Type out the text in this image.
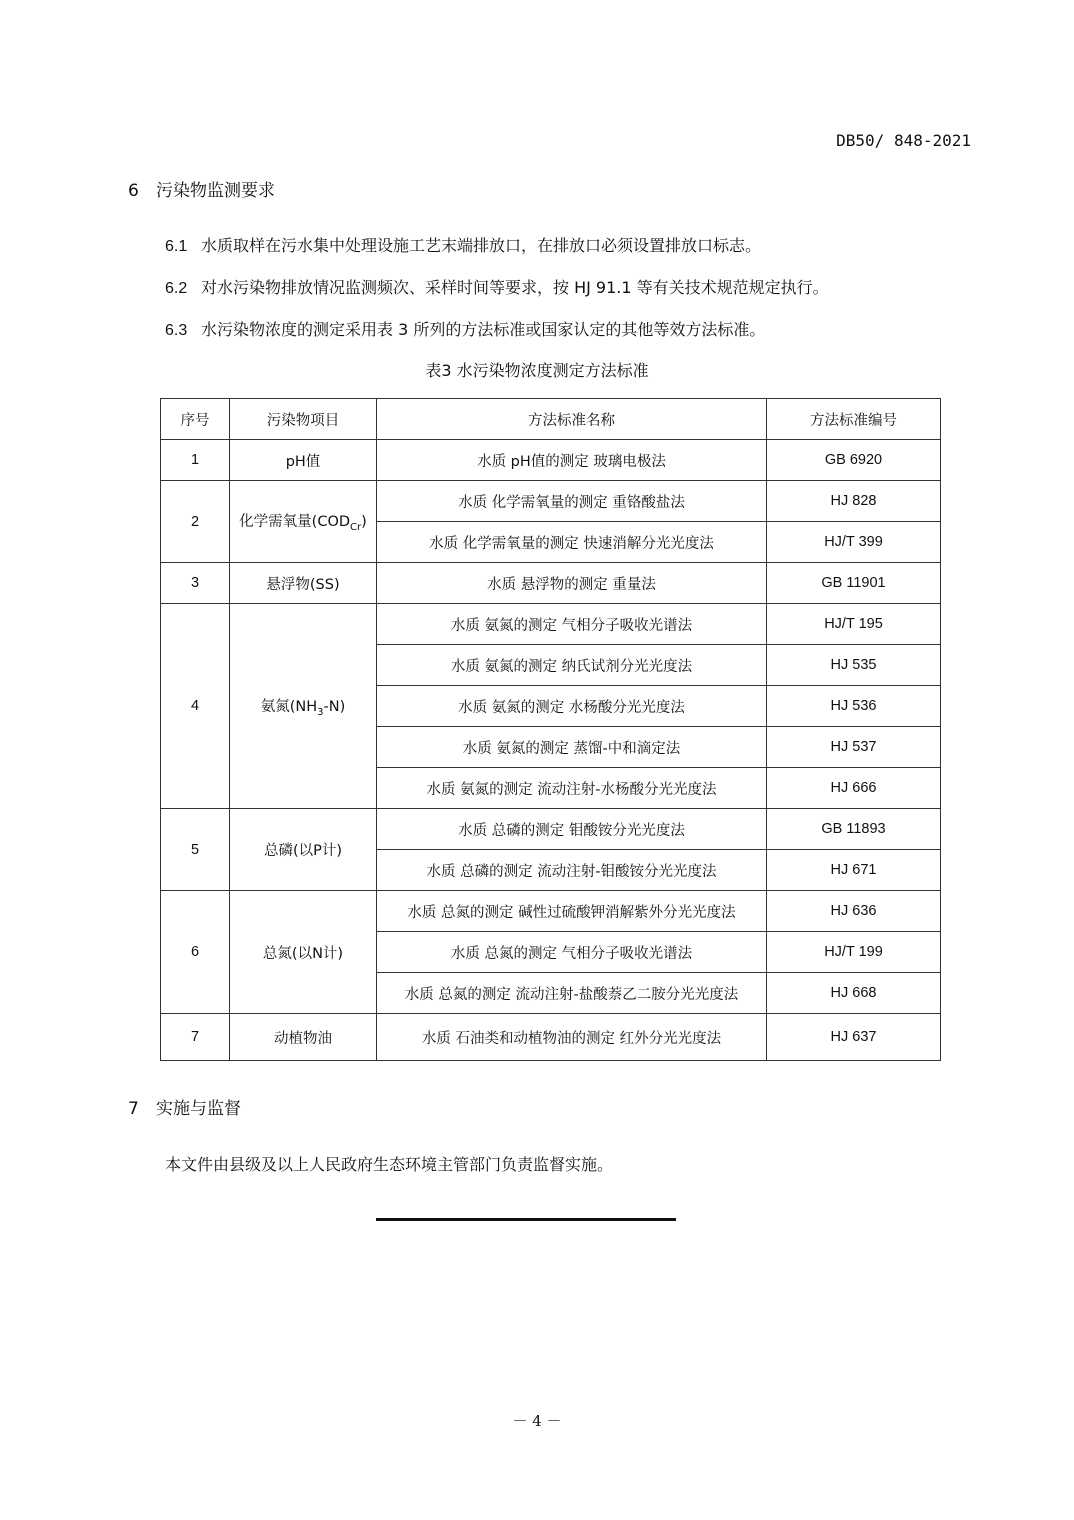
DB50/ 848-2021
6 污染物监测要求
6.1 水质取样在污水集中处理设施工艺末端排放口，在排放口必须设置排放口标志。
6.2 对水污染物排放情况监测频次、采样时间等要求，按 HJ 91.1 等有关技术规范规定执行。
6.3 水污染物浓度的测定采用表 3 所列的方法标准或国家认定的其他等效方法标准。
表3 水污染物浓度测定方法标准
序号	污染物项目	方法标准名称	方法标准编号
1	pH值	水质 pH值的测定 玻璃电极法	GB 6920
2	化学需氧量$(COD_{Cr})$	水质 化学需氧量的测定 重铬酸盐法	HJ 828
		水质 化学需氧量的测定 快速消解分光光度法	HJ/T 399
3	悬浮物(SS)	水质 悬浮物的测定 重量法	GB 11901
4	氨氮$(NH_3-N)$	水质 氨氮的测定 气相分子吸收光谱法	HJ/T 195
		水质 氨氮的测定 纳氏试剂分光光度法	HJ 535
		水质 氨氮的测定 水杨酸分光光度法	HJ 536
		水质 氨氮的测定 蒸馏-中和滴定法	HJ 537
		水质 氨氮的测定 流动注射-水杨酸分光光度法	HJ 666
5	总磷(以P计)	水质 总磷的测定 钼酸铵分光光度法	GB 11893
		水质 总磷的测定 流动注射-钼酸铵分光光度法	HJ 671
6	总氮(以N计)	水质 总氮的测定 碱性过硫酸钾消解紫外分光光度法	HJ 636
		水质 总氮的测定 气相分子吸收光谱法	HJ/T 199
		水质 总氮的测定 流动注射-盐酸萘乙二胺分光光度法	HJ 668
7	动植物油	水质 石油类和动植物油的测定 红外分光光度法	HJ 637
7 实施与监督
本文件由县级及以上人民政府生态环境主管部门负责监督实施。
－ 4 －
